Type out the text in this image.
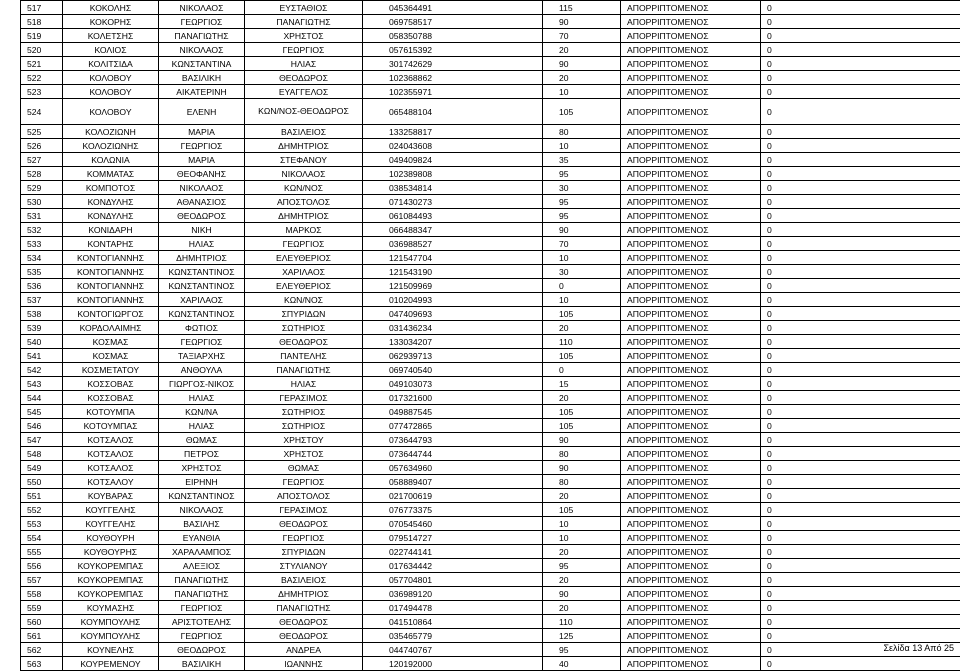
517	ΚΟΚΟΛΗΣ	ΝΙΚΟΛΑΟΣ	ΕΥΣΤΑΘΙΟΣ	045364491	115	ΑΠΟΡΡΙΠΤΟΜΕΝΟΣ	0
518	ΚΟΚΟΡΗΣ	ΓΕΩΡΓΙΟΣ	ΠΑΝΑΓΙΩΤΗΣ	069758517	90	ΑΠΟΡΡΙΠΤΟΜΕΝΟΣ	0
519	ΚΟΛΕΤΣΗΣ	ΠΑΝΑΓΙΩΤΗΣ	ΧΡΗΣΤΟΣ	058350788	70	ΑΠΟΡΡΙΠΤΟΜΕΝΟΣ	0
520	ΚΟΛΙΟΣ	ΝΙΚΟΛΑΟΣ	ΓΕΩΡΓΙΟΣ	057615392	20	ΑΠΟΡΡΙΠΤΟΜΕΝΟΣ	0
521	ΚΟΛΙΤΣΙΔΑ	ΚΩΝΣΤΑΝΤΙΝΑ	ΗΛΙΑΣ	301742629	90	ΑΠΟΡΡΙΠΤΟΜΕΝΟΣ	0
522	ΚΟΛΟΒΟΥ	ΒΑΣΙΛΙΚΗ	ΘΕΟΔΩΡΟΣ	102368862	20	ΑΠΟΡΡΙΠΤΟΜΕΝΟΣ	0
523	ΚΟΛΟΒΟΥ	ΑΙΚΑΤΕΡΙΝΗ	ΕΥΑΓΓΕΛΟΣ	102355971	10	ΑΠΟΡΡΙΠΤΟΜΕΝΟΣ	0
524	ΚΟΛΟΒΟΥ	ΕΛΕΝΗ	ΚΩΝ/ΝΟΣ-ΘΕΟΔΩΡΟΣ	065488104	105	ΑΠΟΡΡΙΠΤΟΜΕΝΟΣ	0
525	ΚΟΛΟΖΙΩΝΗ	ΜΑΡΙΑ	ΒΑΣΙΛΕΙΟΣ	133258817	80	ΑΠΟΡΡΙΠΤΟΜΕΝΟΣ	0
526	ΚΟΛΟΖΙΩΝΗΣ	ΓΕΩΡΓΙΟΣ	ΔΗΜΗΤΡΙΟΣ	024043608	10	ΑΠΟΡΡΙΠΤΟΜΕΝΟΣ	0
527	ΚΟΛΩΝΙΑ	ΜΑΡΙΑ	ΣΤΕΦΑΝΟΥ	049409824	35	ΑΠΟΡΡΙΠΤΟΜΕΝΟΣ	0
528	ΚΟΜΜΑΤΑΣ	ΘΕΟΦΑΝΗΣ	ΝΙΚΟΛΑΟΣ	102389808	95	ΑΠΟΡΡΙΠΤΟΜΕΝΟΣ	0
529	ΚΟΜΠΟΤΟΣ	ΝΙΚΟΛΑΟΣ	ΚΩΝ/ΝΟΣ	038534814	30	ΑΠΟΡΡΙΠΤΟΜΕΝΟΣ	0
530	ΚΟΝΔΥΛΗΣ	ΑΘΑΝΑΣΙΟΣ	ΑΠΟΣΤΟΛΟΣ	071430273	95	ΑΠΟΡΡΙΠΤΟΜΕΝΟΣ	0
531	ΚΟΝΔΥΛΗΣ	ΘΕΟΔΩΡΟΣ	ΔΗΜΗΤΡΙΟΣ	061084493	95	ΑΠΟΡΡΙΠΤΟΜΕΝΟΣ	0
532	ΚΟΝΙΔΑΡΗ	ΝΙΚΗ	ΜΑΡΚΟΣ	066488347	90	ΑΠΟΡΡΙΠΤΟΜΕΝΟΣ	0
533	ΚΟΝΤΑΡΗΣ	ΗΛΙΑΣ	ΓΕΩΡΓΙΟΣ	036988527	70	ΑΠΟΡΡΙΠΤΟΜΕΝΟΣ	0
534	ΚΟΝΤΟΓΙΑΝΝΗΣ	ΔΗΜΗΤΡΙΟΣ	ΕΛΕΥΘΕΡΙΟΣ	121547704	10	ΑΠΟΡΡΙΠΤΟΜΕΝΟΣ	0
535	ΚΟΝΤΟΓΙΑΝΝΗΣ	ΚΩΝΣΤΑΝΤΙΝΟΣ	ΧΑΡΙΛΑΟΣ	121543190	30	ΑΠΟΡΡΙΠΤΟΜΕΝΟΣ	0
536	ΚΟΝΤΟΓΙΑΝΝΗΣ	ΚΩΝΣΤΑΝΤΙΝΟΣ	ΕΛΕΥΘΕΡΙΟΣ	121509969	0	ΑΠΟΡΡΙΠΤΟΜΕΝΟΣ	0
537	ΚΟΝΤΟΓΙΑΝΝΗΣ	ΧΑΡΙΛΑΟΣ	ΚΩΝ/ΝΟΣ	010204993	10	ΑΠΟΡΡΙΠΤΟΜΕΝΟΣ	0
538	ΚΟΝΤΟΓΙΩΡΓΟΣ	ΚΩΝΣΤΑΝΤΙΝΟΣ	ΣΠΥΡΙΔΩΝ	047409693	105	ΑΠΟΡΡΙΠΤΟΜΕΝΟΣ	0
539	ΚΟΡΔΟΛΑΙΜΗΣ	ΦΩΤΙΟΣ	ΣΩΤΗΡΙΟΣ	031436234	20	ΑΠΟΡΡΙΠΤΟΜΕΝΟΣ	0
540	ΚΟΣΜΑΣ	ΓΕΩΡΓΙΟΣ	ΘΕΟΔΩΡΟΣ	133034207	110	ΑΠΟΡΡΙΠΤΟΜΕΝΟΣ	0
541	ΚΟΣΜΑΣ	ΤΑΞΙΑΡΧΗΣ	ΠΑΝΤΕΛΗΣ	062939713	105	ΑΠΟΡΡΙΠΤΟΜΕΝΟΣ	0
542	ΚΟΣΜΕΤΑΤΟΥ	ΑΝΘΟΥΛΑ	ΠΑΝΑΓΙΩΤΗΣ	069740540	0	ΑΠΟΡΡΙΠΤΟΜΕΝΟΣ	0
543	ΚΟΣΣΟΒΑΣ	ΓΙΩΡΓΟΣ-ΝΙΚΟΣ	ΗΛΙΑΣ	049103073	15	ΑΠΟΡΡΙΠΤΟΜΕΝΟΣ	0
544	ΚΟΣΣΟΒΑΣ	ΗΛΙΑΣ	ΓΕΡΑΣΙΜΟΣ	017321600	20	ΑΠΟΡΡΙΠΤΟΜΕΝΟΣ	0
545	ΚΟΤΟΥΜΠΑ	ΚΩΝ/ΝΑ	ΣΩΤΗΡΙΟΣ	049887545	105	ΑΠΟΡΡΙΠΤΟΜΕΝΟΣ	0
546	ΚΟΤΟΥΜΠΑΣ	ΗΛΙΑΣ	ΣΩΤΗΡΙΟΣ	077472865	105	ΑΠΟΡΡΙΠΤΟΜΕΝΟΣ	0
547	ΚΟΤΣΑΛΟΣ	ΘΩΜΑΣ	ΧΡΗΣΤΟΥ	073644793	90	ΑΠΟΡΡΙΠΤΟΜΕΝΟΣ	0
548	ΚΟΤΣΑΛΟΣ	ΠΕΤΡΟΣ	ΧΡΗΣΤΟΣ	073644744	80	ΑΠΟΡΡΙΠΤΟΜΕΝΟΣ	0
549	ΚΟΤΣΑΛΟΣ	ΧΡΗΣΤΟΣ	ΘΩΜΑΣ	057634960	90	ΑΠΟΡΡΙΠΤΟΜΕΝΟΣ	0
550	ΚΟΤΣΑΛΟΥ	ΕΙΡΗΝΗ	ΓΕΩΡΓΙΟΣ	058889407	80	ΑΠΟΡΡΙΠΤΟΜΕΝΟΣ	0
551	ΚΟΥΒΑΡΑΣ	ΚΩΝΣΤΑΝΤΙΝΟΣ	ΑΠΟΣΤΟΛΟΣ	021700619	20	ΑΠΟΡΡΙΠΤΟΜΕΝΟΣ	0
552	ΚΟΥΓΓΕΛΗΣ	ΝΙΚΟΛΑΟΣ	ΓΕΡΑΣΙΜΟΣ	076773375	105	ΑΠΟΡΡΙΠΤΟΜΕΝΟΣ	0
553	ΚΟΥΓΓΕΛΗΣ	ΒΑΣΙΛΗΣ	ΘΕΟΔΩΡΟΣ	070545460	10	ΑΠΟΡΡΙΠΤΟΜΕΝΟΣ	0
554	ΚΟΥΘΟΥΡΗ	ΕΥΑΝΘΙΑ	ΓΕΩΡΓΙΟΣ	079514727	10	ΑΠΟΡΡΙΠΤΟΜΕΝΟΣ	0
555	ΚΟΥΘΟΥΡΗΣ	ΧΑΡΑΛΑΜΠΟΣ	ΣΠΥΡΙΔΩΝ	022744141	20	ΑΠΟΡΡΙΠΤΟΜΕΝΟΣ	0
556	ΚΟΥΚΟΡΕΜΠΑΣ	ΑΛΕΞΙΟΣ	ΣΤΥΛΙΑΝΟΥ	017634442	95	ΑΠΟΡΡΙΠΤΟΜΕΝΟΣ	0
557	ΚΟΥΚΟΡΕΜΠΑΣ	ΠΑΝΑΓΙΩΤΗΣ	ΒΑΣΙΛΕΙΟΣ	057704801	20	ΑΠΟΡΡΙΠΤΟΜΕΝΟΣ	0
558	ΚΟΥΚΟΡΕΜΠΑΣ	ΠΑΝΑΓΙΩΤΗΣ	ΔΗΜΗΤΡΙΟΣ	036989120	90	ΑΠΟΡΡΙΠΤΟΜΕΝΟΣ	0
559	ΚΟΥΜΑΣΗΣ	ΓΕΩΡΓΙΟΣ	ΠΑΝΑΓΙΩΤΗΣ	017494478	20	ΑΠΟΡΡΙΠΤΟΜΕΝΟΣ	0
560	ΚΟΥΜΠΟΥΛΗΣ	ΑΡΙΣΤΟΤΕΛΗΣ	ΘΕΟΔΩΡΟΣ	041510864	110	ΑΠΟΡΡΙΠΤΟΜΕΝΟΣ	0
561	ΚΟΥΜΠΟΥΛΗΣ	ΓΕΩΡΓΙΟΣ	ΘΕΟΔΩΡΟΣ	035465779	125	ΑΠΟΡΡΙΠΤΟΜΕΝΟΣ	0
562	ΚΟΥΝΕΛΗΣ	ΘΕΟΔΩΡΟΣ	ΑΝΔΡΕΑ	044740767	95	ΑΠΟΡΡΙΠΤΟΜΕΝΟΣ	0
563	ΚΟΥΡΕΜΕΝΟΥ	ΒΑΣΙΛΙΚΗ	ΙΩΑΝΝΗΣ	120192000	40	ΑΠΟΡΡΙΠΤΟΜΕΝΟΣ	0
Σελίδα 13 Από 25
